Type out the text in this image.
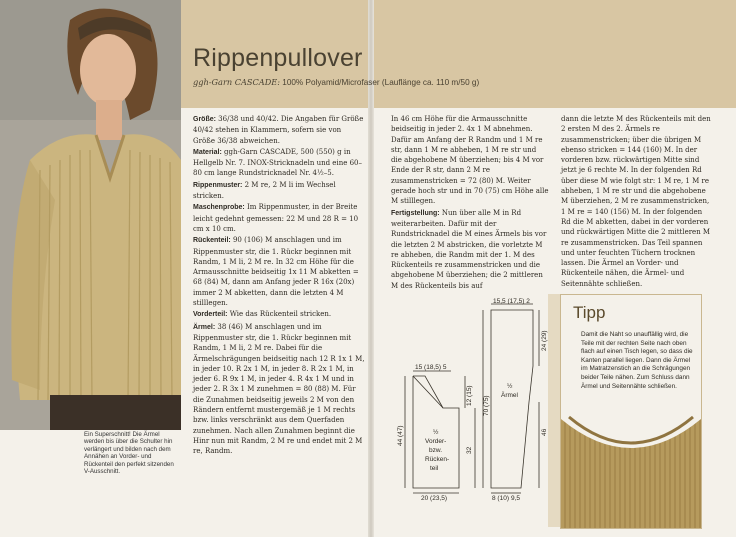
Ein Superschnitt! Die Ärmel werden bis über die Schulter hin verlängert und bilden nach dem Annähen an Vorder- und Rückenteil den perfekt sitzenden V-Ausschnitt.
Rippenpullover
ggh-Garn CASCADE: 100% Polyamid/Microfaser (Lauflänge ca. 110 m/50 g)

Größe: 36/38 und 40/42. Die Angaben für Größe 40/42 stehen in Klammern, sofern sie von Größe 36/38 abweichen.

Material: ggh-Garn CASCADE, 500 (550) g in Hellgelb Nr. 7. INOX-Stricknadeln und eine 60–80 cm lange Rundstricknadel Nr. 4½–5.

Rippenmuster: 2 M re, 2 M li im Wechsel stricken.

Maschenprobe: Im Rippenmuster, in der Breite leicht gedehnt gemessen: 22 M und 28 R = 10 cm x 10 cm.

Rückenteil: 90 (106) M anschlagen und im Rippenmuster str, die 1. Rückr beginnen mit Randm, 1 M li, 2 M re. In 32 cm Höhe für die Armausschnitte beidseitig 1x 11 M abketten = 68 (84) M, dann am Anfang jeder R 16x (20x) immer 2 M abketten, dann die letzten 4 M stilllegen.

Vorderteil: Wie das Rückenteil stricken.

Ärmel: 38 (46) M anschlagen und im Rippenmuster str, die 1. Rückr beginnen mit Randm, 1 M li, 2 M re. Dabei für die Ärmelschrägungen beidseitig nach 12 R 1x 1 M, in jeder 10. R 2x 1 M, in jeder 8. R 2x 1 M, in jeder 6. R 9x 1 M, in jeder 4. R 4x 1 M und in jeder 2. R 3x 1 M zunehmen = 80 (88) M. Für die Zunahmen beidseitig jeweils 2 M von den Rändern entfernt mustergemäß je 1 M rechts bzw. links verschränkt aus dem Querfaden zunehmen. Nach allen Zunahmen beginnt die Hinr nun mit Randm, 2 M re und endet mit 2 M re, Randm.

In 46 cm Höhe für die Armausschnitte beidseitig in jeder 2. 4x 1 M abnehmen. Dafür am Anfang der R Randm und 1 M re str, dann 1 M re abheben, 1 M re str und die abgehobene M überziehen; bis 4 M vor Ende der R str, dann 2 M re zusammenstricken = 72 (80) M. Weiter gerade hoch str und in 70 (75) cm Höhe alle M stilllegen.

Fertigstellung: Nun über alle M in Rd weiterarbeiten. Dafür mit der Rundstricknadel die M eines Ärmels bis vor die letzten 2 M abstricken, die vorletzte M re abheben, die Randm mit der 1. M des Rückenteils re zusammenstricken und die abgehobene M überziehen; die 2 mittleren M des Rückenteils bis auf

dann die letzte M des Rückenteils mit den 2 ersten M des 2. Ärmels re zusammenstricken; über die übrigen M ebenso stricken = 144 (160) M. In der vorderen bzw. rückwärtigen Mitte sind jetzt je 6 rechte M. In der folgenden Rd über diese M wie folgt str: 1 M re, 1 M re abheben, 1 M re str und die abgehobene M überziehen, 2 M re zusammenstricken, 1 M re = 140 (156) M. In der folgenden Rd die M abketten, dabei in der vorderen und rückwärtigen Mitte die 2 mittleren M re zusammenstricken. Das Teil spannen und unter feuchten Tüchern trocknen lassen. Die Ärmel an Vorder- und Rückenteile nähen, die Ärmel- und Seitennähte schließen.

15 (18,5) 5
44 (47)
12 (15)
32
½
Vorder-
bzw.
Rücken-
teil
20 (23,5)
15,5 (17,5) 2
24 (29)
70 (75)
46
½
Ärmel
8 (10) 9,5
Tipp
Damit die Naht so unauffällig wird, die Teile mit der rechten Seite nach oben flach auf einen Tisch legen, so dass die Kanten parallel liegen. Dann die Ärmel im Matratzenstich an die Schrägungen beider Teile nähen. Zum Schluss dann Ärmel und Seitennähte schließen.
